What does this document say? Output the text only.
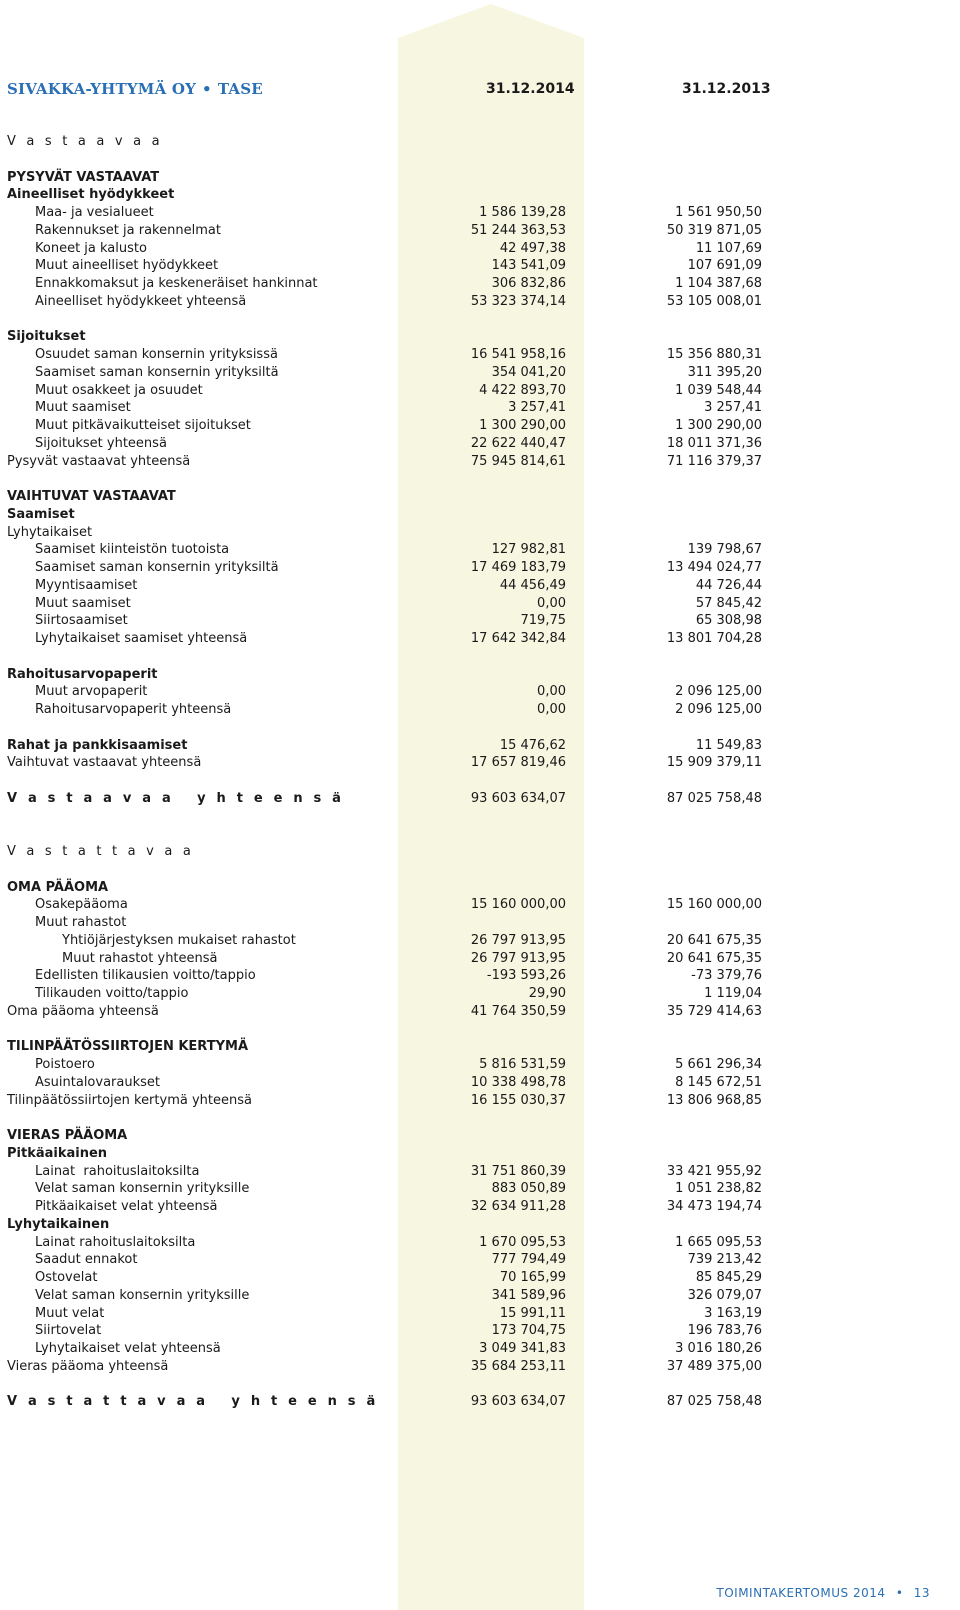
SIVAKKA-YHTYMÄ OY • TASE	31.12.2014	31.12.2013
V a s t a a v a a
PYSYVÄT VASTAAVAT
Aineelliset hyödykkeet
Maa- ja vesialueet	1 586 139,28	1 561 950,50
Rakennukset ja rakennelmat	51 244 363,53	50 319 871,05
Koneet ja kalusto	42 497,38	11 107,69
Muut aineelliset hyödykkeet	143 541,09	107 691,09
Ennakkomaksut ja keskeneräiset hankinnat	306 832,86	1 104 387,68
Aineelliset hyödykkeet yhteensä	53 323 374,14	53 105 008,01
Sijoitukset
Osuudet saman konsernin yrityksissä	16 541 958,16	15 356 880,31
Saamiset saman konsernin yrityksiltä	354 041,20	311 395,20
Muut osakkeet ja osuudet	4 422 893,70	1 039 548,44
Muut saamiset	3 257,41	3 257,41
Muut pitkävaikutteiset sijoitukset	1 300 290,00	1 300 290,00
Sijoitukset yhteensä	22 622 440,47	18 011 371,36
Pysyvät vastaavat yhteensä	75 945 814,61	71 116 379,37
VAIHTUVAT VASTAAVAT
Saamiset
Lyhytaikaiset
Saamiset kiinteistön tuotoista	127 982,81	139 798,67
Saamiset saman konsernin yrityksiltä	17 469 183,79	13 494 024,77
Myyntisaamiset	44 456,49	44 726,44
Muut saamiset	0,00	57 845,42
Siirtosaamiset	719,75	65 308,98
Lyhytaikaiset saamiset yhteensä	17 642 342,84	13 801 704,28
Rahoitusarvopaperit
Muut arvopaperit	0,00	2 096 125,00
Rahoitusarvopaperit yhteensä	0,00	2 096 125,00
Rahat ja pankkisaamiset	15 476,62	11 549,83
Vaihtuvat vastaavat yhteensä	17 657 819,46	15 909 379,11
V a s t a a v a a   y h t e e n s ä	93 603 634,07	87 025 758,48
V a s t a t t a v a a
OMA PÄÄOMA
Osakepääoma	15 160 000,00	15 160 000,00
Muut rahastot
Yhtiöjärjestyksen mukaiset rahastot	26 797 913,95	20 641 675,35
Muut rahastot yhteensä	26 797 913,95	20 641 675,35
Edellisten tilikausien voitto/tappio	-193 593,26	-73 379,76
Tilikauden voitto/tappio	29,90	1 119,04
Oma pääoma yhteensä	41 764 350,59	35 729 414,63
TILINPÄÄTÖSSIIRTOJEN KERTYMÄ
Poistoero	5 816 531,59	5 661 296,34
Asuintalovaraukset	10 338 498,78	8 145 672,51
Tilinpäätössiirtojen kertymä yhteensä	16 155 030,37	13 806 968,85
VIERAS PÄÄOMA
Pitkäaikainen
Lainat  rahoituslaitoksilta	31 751 860,39	33 421 955,92
Velat saman konsernin yrityksille	883 050,89	1 051 238,82
Pitkäaikaiset velat yhteensä	32 634 911,28	34 473 194,74
Lyhytaikainen
Lainat rahoituslaitoksilta	1 670 095,53	1 665 095,53
Saadut ennakot	777 794,49	739 213,42
Ostovelat	70 165,99	85 845,29
Velat saman konsernin yrityksille	341 589,96	326 079,07
Muut velat	15 991,11	3 163,19
Siirtovelat	173 704,75	196 783,76
Lyhytaikaiset velat yhteensä	3 049 341,83	3 016 180,26
Vieras pääoma yhteensä	35 684 253,11	37 489 375,00
V a s t a t t a v a a   y h t e e n s ä	93 603 634,07	87 025 758,48
TOIMINTAKERTOMUS 2014 • 13
